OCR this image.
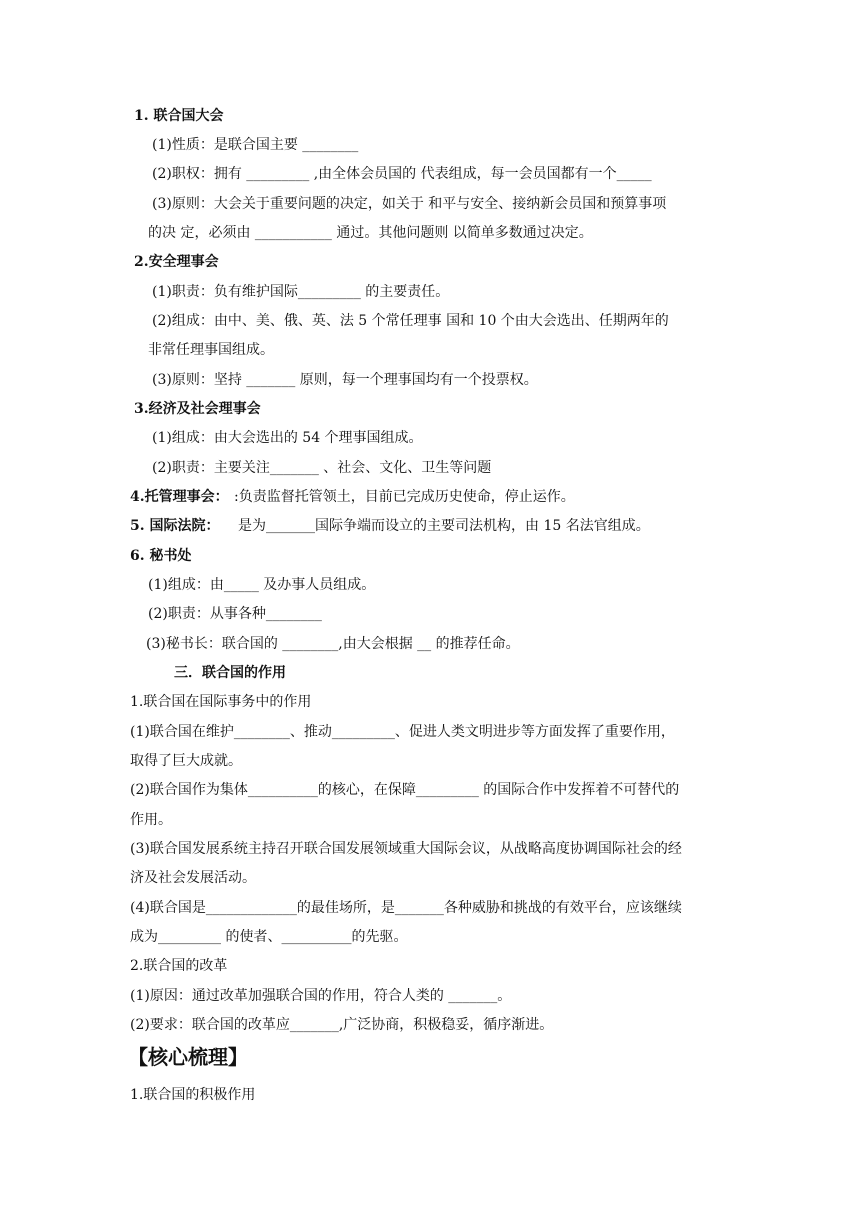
1. 联合国大会
(1)性质：是联合国主要 ________
(2)职权：拥有 _________ ,由全体会员国的 代表组成，每一会员国都有一个_____
(3)原则：大会关于重要问题的决定，如关于 和平与安全、接纳新会员国和预算事项
的决 定，必须由 ___________ 通过。其他问题则 以简单多数通过决定。
2.安全理事会
(1)职责：负有维护国际_________ 的主要责任。
(2)组成：由中、美、俄、英、法 5 个常任理事 国和 10 个由大会选出、任期两年的
非常任理事国组成。
(3)原则：坚持 _______ 原则，每一个理事国均有一个投票权。
3.经济及社会理事会
(1)组成：由大会选出的 54 个理事国组成。
(2)职责：主要关注_______ 、社会、文化、卫生等问题
4.托管理事会： :负责监督托管领土，目前已完成历史使命，停止运作。
5. 国际法院： 是为_______国际争端而设立的主要司法机构，由 15 名法官组成。
6. 秘书处
(1)组成：由_____ 及办事人员组成。
(2)职责：从事各种________
(3)秘书长：联合国的 ________,由大会根据 __ 的推荐任命。
三．联合国的作用
1.联合国在国际事务中的作用
(1)联合国在维护________、推动_________、促进人类文明进步等方面发挥了重要作用，
取得了巨大成就。
(2)联合国作为集体__________的核心，在保障_________ 的国际合作中发挥着不可替代的
作用。
(3)联合国发展系统主持召开联合国发展领域重大国际会议，从战略高度协调国际社会的经
济及社会发展活动。
(4)联合国是_____________的最佳场所，是_______各种威胁和挑战的有效平台，应该继续
成为_________ 的使者、__________的先驱。
2.联合国的改革
(1)原因：通过改革加强联合国的作用，符合人类的 _______。
(2)要求：联合国的改革应_______,广泛协商，积极稳妥，循序渐进。
【核心梳理】
1.联合国的积极作用
